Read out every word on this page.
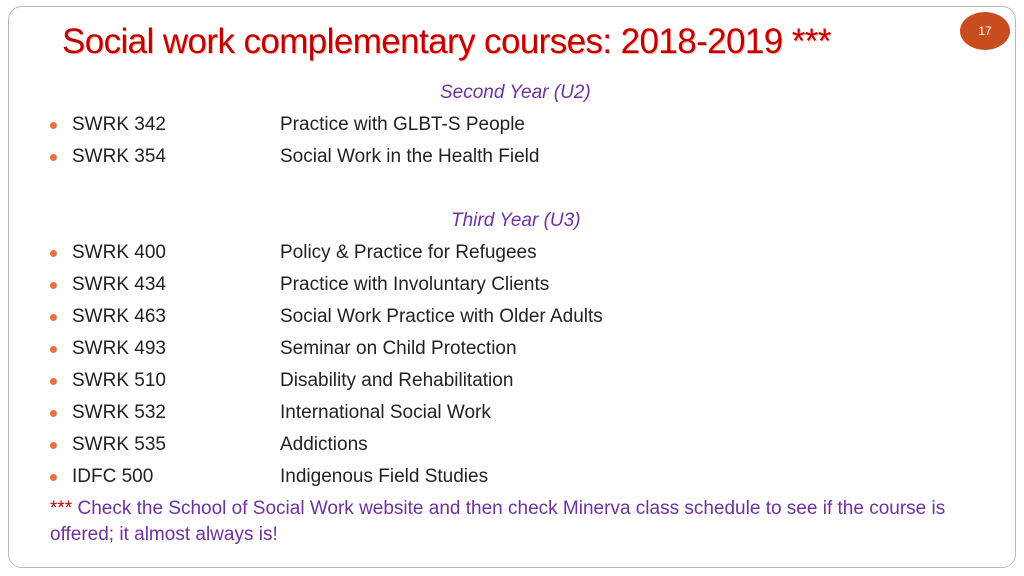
17
Social work complementary courses: 2018-2019 ***
Second Year (U2)
SWRK 342	Practice with GLBT-S People
SWRK 354	Social Work in the Health Field
Third Year (U3)
SWRK 400	Policy & Practice for Refugees
SWRK 434	Practice with Involuntary Clients
SWRK 463	Social Work Practice with Older Adults
SWRK 493	Seminar on Child Protection
SWRK 510	Disability and Rehabilitation
SWRK 532	International Social Work
SWRK 535	Addictions
IDFC 500	Indigenous Field Studies
*** Check the School of Social Work website and then check Minerva class schedule to see if the course is offered; it almost always is!
